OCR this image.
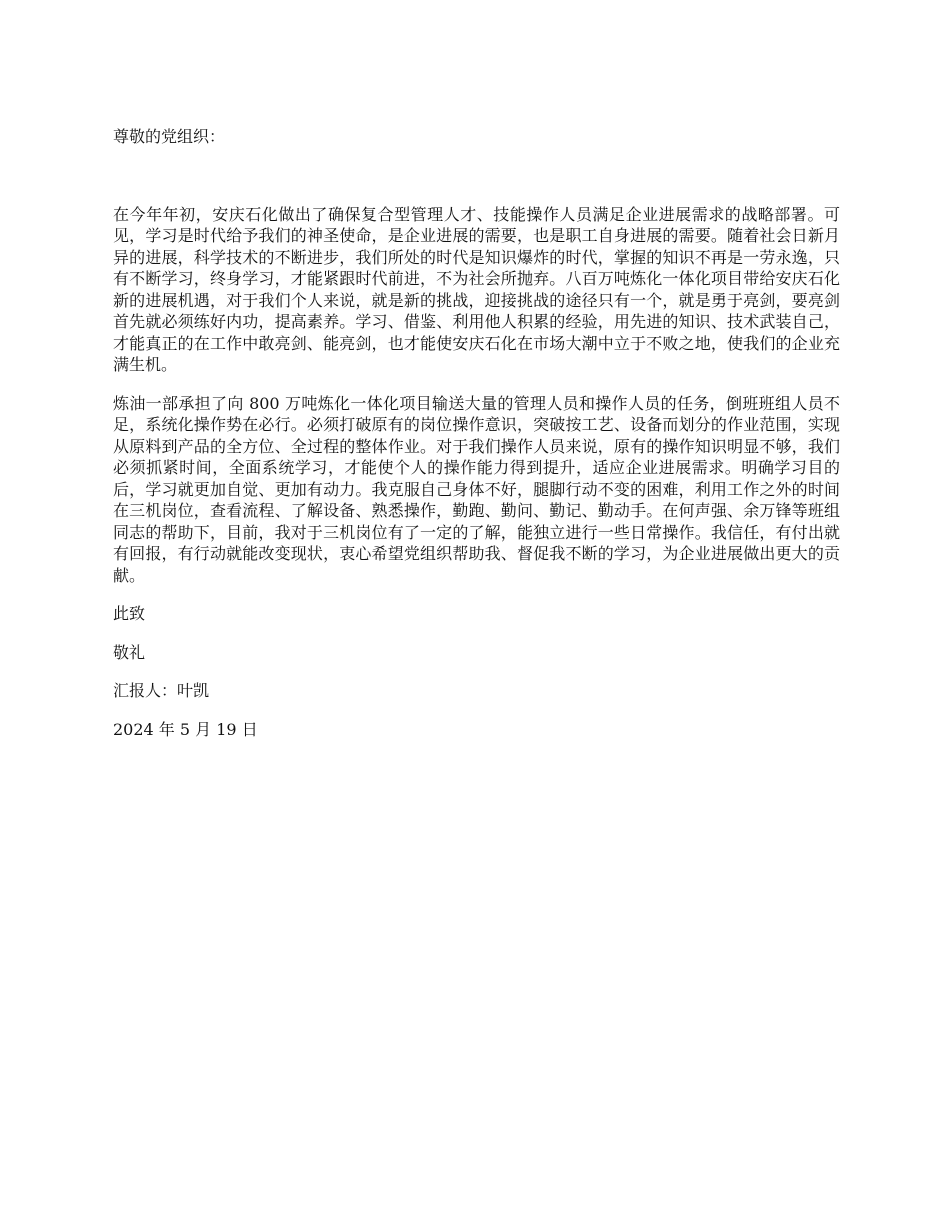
尊敬的党组织：

在今年年初，安庆石化做出了确保复合型管理人才、技能操作人员满足企业进展需求的战略部署。可见，学习是时代给予我们的神圣使命，是企业进展的需要，也是职工自身进展的需要。随着社会日新月异的进展，科学技术的不断进步，我们所处的时代是知识爆炸的时代，掌握的知识不再是一劳永逸，只有不断学习，终身学习，才能紧跟时代前进，不为社会所抛弃。八百万吨炼化一体化项目带给安庆石化新的进展机遇，对于我们个人来说，就是新的挑战，迎接挑战的途径只有一个，就是勇于亮剑，要亮剑首先就必须练好内功，提高素养。学习、借鉴、利用他人积累的经验，用先进的知识、技术武装自己，才能真正的在工作中敢亮剑、能亮剑，也才能使安庆石化在市场大潮中立于不败之地，使我们的企业充满生机。

炼油一部承担了向 800 万吨炼化一体化项目输送大量的管理人员和操作人员的任务，倒班班组人员不足，系统化操作势在必行。必须打破原有的岗位操作意识，突破按工艺、设备而划分的作业范围，实现从原料到产品的全方位、全过程的整体作业。对于我们操作人员来说，原有的操作知识明显不够，我们必须抓紧时间，全面系统学习，才能使个人的操作能力得到提升，适应企业进展需求。明确学习目的后，学习就更加自觉、更加有动力。我克服自己身体不好，腿脚行动不变的困难，利用工作之外的时间在三机岗位，查看流程、了解设备、熟悉操作，勤跑、勤问、勤记、勤动手。在何声强、余万锋等班组同志的帮助下，目前，我对于三机岗位有了一定的了解，能独立进行一些日常操作。我信任，有付出就有回报，有行动就能改变现状，衷心希望党组织帮助我、督促我不断的学习，为企业进展做出更大的贡献。

此致

敬礼

汇报人：叶凯

2024 年 5 月 19 日
